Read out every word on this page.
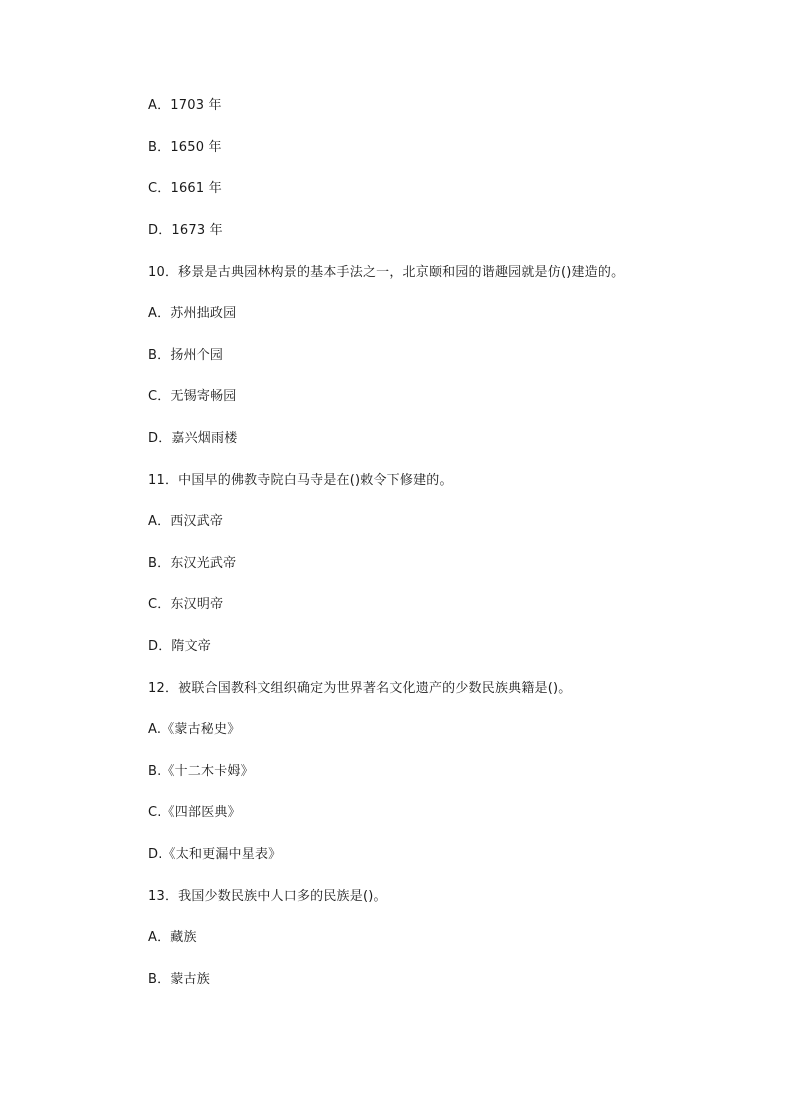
A．1703 年
B．1650 年
C．1661 年
D．1673 年
10．移景是古典园林构景的基本手法之一，北京颐和园的谐趣园就是仿()建造的。
A．苏州拙政园
B．扬州个园
C．无锡寄畅园
D．嘉兴烟雨楼
11．中国早的佛教寺院白马寺是在()敕令下修建的。
A．西汉武帝
B．东汉光武帝
C．东汉明帝
D．隋文帝
12．被联合国教科文组织确定为世界著名文化遗产的少数民族典籍是()。
A.《蒙古秘史》
B.《十二木卡姆》
C.《四部医典》
D.《太和更漏中星表》
13．我国少数民族中人口多的民族是()。
A．藏族
B．蒙古族
